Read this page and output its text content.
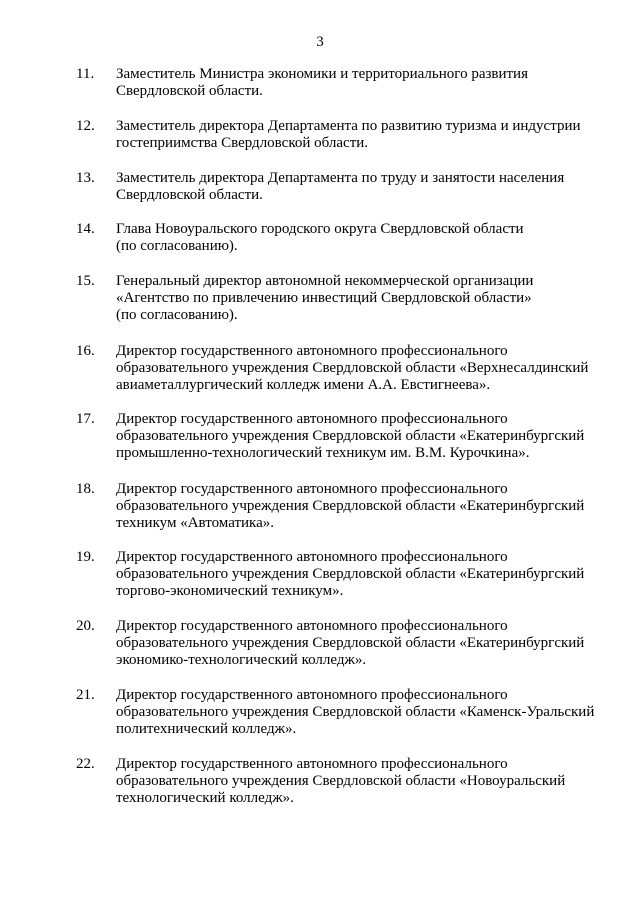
3
11. Заместитель Министра экономики и территориального развития
Свердловской области.
12. Заместитель директора Департамента по развитию туризма и индустрии
гостеприимства Свердловской области.
13. Заместитель директора Департамента по труду и занятости населения
Свердловской области.
14. Глава Новоуральского городского округа Свердловской области
(по согласованию).
15. Генеральный директор автономной некоммерческой организации
«Агентство по привлечению инвестиций Свердловской области»
(по согласованию).
16. Директор государственного автономного профессионального
образовательного учреждения Свердловской области «Верхнесалдинский
авиаметаллургический колледж имени А.А. Евстигнеева».
17. Директор государственного автономного профессионального
образовательного учреждения Свердловской области «Екатеринбургский
промышленно-технологический техникум им. В.М. Курочкина».
18. Директор государственного автономного профессионального
образовательного учреждения Свердловской области «Екатеринбургский
техникум «Автоматика».
19. Директор государственного автономного профессионального
образовательного учреждения Свердловской области «Екатеринбургский
торгово-экономический техникум».
20. Директор государственного автономного профессионального
образовательного учреждения Свердловской области «Екатеринбургский
экономико-технологический колледж».
21. Директор государственного автономного профессионального
образовательного учреждения Свердловской области «Каменск-Уральский
политехнический колледж».
22. Директор государственного автономного профессионального
образовательного учреждения Свердловской области «Новоуральский
технологический колледж».
